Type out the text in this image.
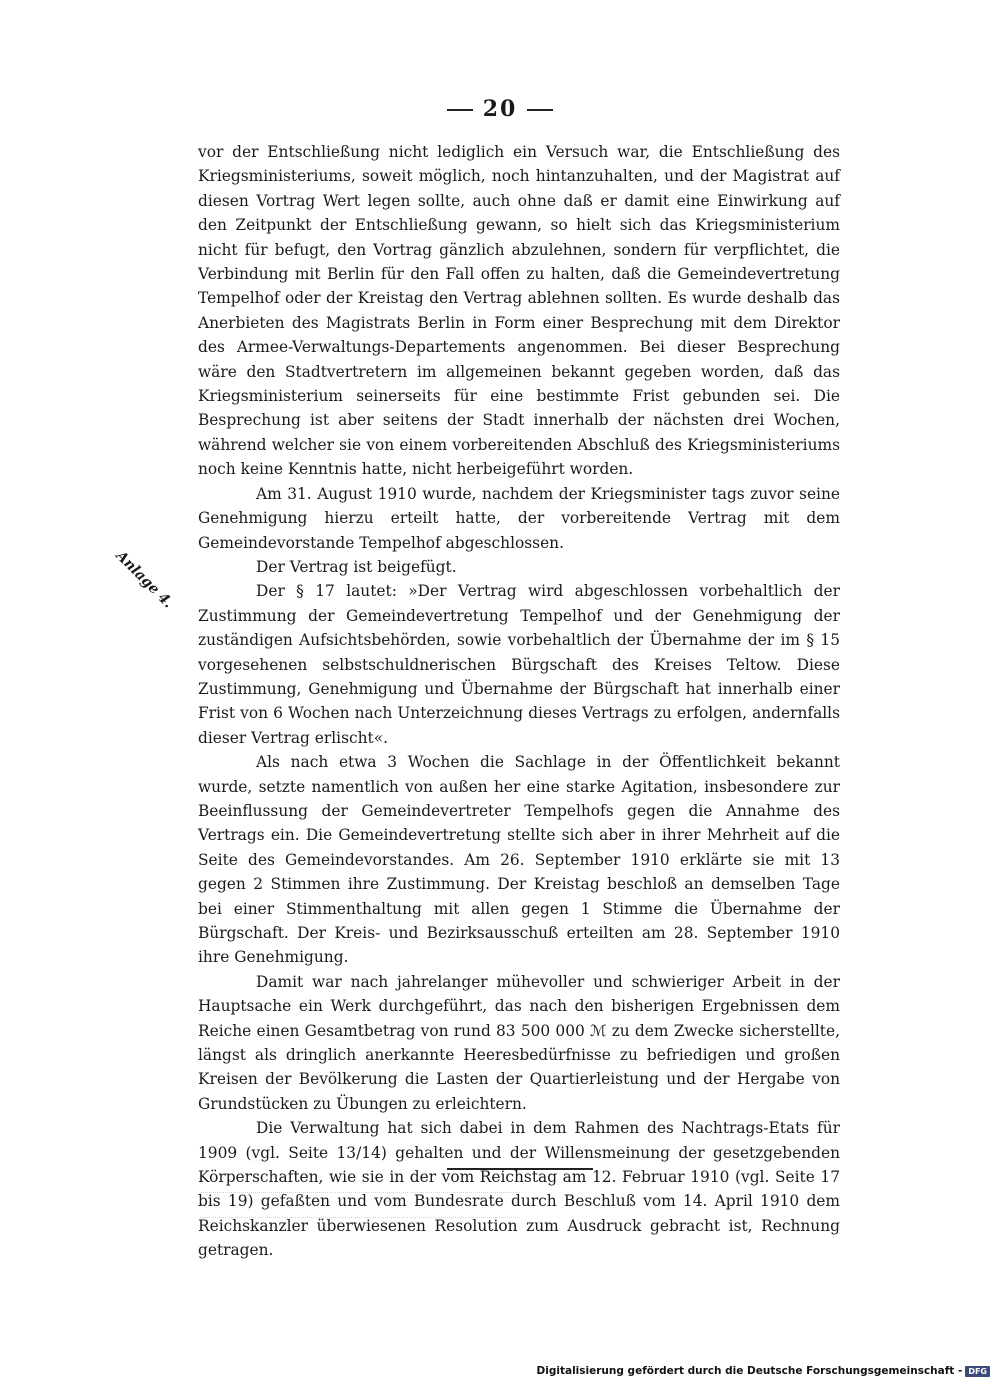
20
Anlage 4.

vor der Entschließung nicht lediglich ein Versuch war, die Entschließung des Kriegsministeriums, soweit möglich, noch hintanzuhalten, und der Magistrat auf diesen Vortrag Wert legen sollte, auch ohne daß er damit eine Einwirkung auf den Zeitpunkt der Entschließung gewann, so hielt sich das Kriegsministerium nicht für befugt, den Vortrag gänzlich abzulehnen, sondern für verpflichtet, die Verbindung mit Berlin für den Fall offen zu halten, daß die Gemeindevertretung Tempelhof oder der Kreistag den Vertrag ablehnen sollten. Es wurde deshalb das Anerbieten des Magistrats Berlin in Form einer Besprechung mit dem Direktor des Armee-Verwaltungs-Departements angenommen. Bei dieser Besprechung wäre den Stadtvertretern im allgemeinen bekannt gegeben worden, daß das Kriegsministerium seinerseits für eine bestimmte Frist gebunden sei. Die Besprechung ist aber seitens der Stadt innerhalb der nächsten drei Wochen, während welcher sie von einem vorbereitenden Abschluß des Kriegsministeriums noch keine Kenntnis hatte, nicht herbeigeführt worden.

Am 31. August 1910 wurde, nachdem der Kriegsminister tags zuvor seine Genehmigung hierzu erteilt hatte, der vorbereitende Vertrag mit dem Gemeindevorstande Tempelhof abgeschlossen.

Der Vertrag ist beigefügt.

Der § 17 lautet: »Der Vertrag wird abgeschlossen vorbehaltlich der Zustimmung der Gemeindevertretung Tempelhof und der Genehmigung der zuständigen Aufsichtsbehörden, sowie vorbehaltlich der Übernahme der im § 15 vorgesehenen selbstschuldnerischen Bürgschaft des Kreises Teltow. Diese Zustimmung, Genehmigung und Übernahme der Bürgschaft hat innerhalb einer Frist von 6 Wochen nach Unterzeichnung dieses Vertrags zu erfolgen, andernfalls dieser Vertrag erlischt«.

Als nach etwa 3 Wochen die Sachlage in der Öffentlichkeit bekannt wurde, setzte namentlich von außen her eine starke Agitation, insbesondere zur Beeinflussung der Gemeindevertreter Tempelhofs gegen die Annahme des Vertrags ein. Die Gemeindevertretung stellte sich aber in ihrer Mehrheit auf die Seite des Gemeindevorstandes. Am 26. September 1910 erklärte sie mit 13 gegen 2 Stimmen ihre Zustimmung. Der Kreistag beschloß an demselben Tage bei einer Stimmenthaltung mit allen gegen 1 Stimme die Übernahme der Bürgschaft. Der Kreis- und Bezirksausschuß erteilten am 28. September 1910 ihre Genehmigung.

Damit war nach jahrelanger mühevoller und schwieriger Arbeit in der Hauptsache ein Werk durchgeführt, das nach den bisherigen Ergebnissen dem Reiche einen Gesamtbetrag von rund 83 500 000 ℳ zu dem Zwecke sicherstellte, längst als dringlich anerkannte Heeresbedürfnisse zu befriedigen und großen Kreisen der Bevölkerung die Lasten der Quartierleistung und der Hergabe von Grundstücken zu Übungen zu erleichtern.

Die Verwaltung hat sich dabei in dem Rahmen des Nachtrags-Etats für 1909 (vgl. Seite 13/14) gehalten und der Willensmeinung der gesetzgebenden Körperschaften, wie sie in der vom Reichstag am 12. Februar 1910 (vgl. Seite 17 bis 19) gefaßten und vom Bundesrate durch Beschluß vom 14. April 1910 dem Reichskanzler überwiesenen Resolution zum Ausdruck gebracht ist, Rechnung getragen.

Digitalisierung gefördert durch die Deutsche Forschungsgemeinschaft - DFG
